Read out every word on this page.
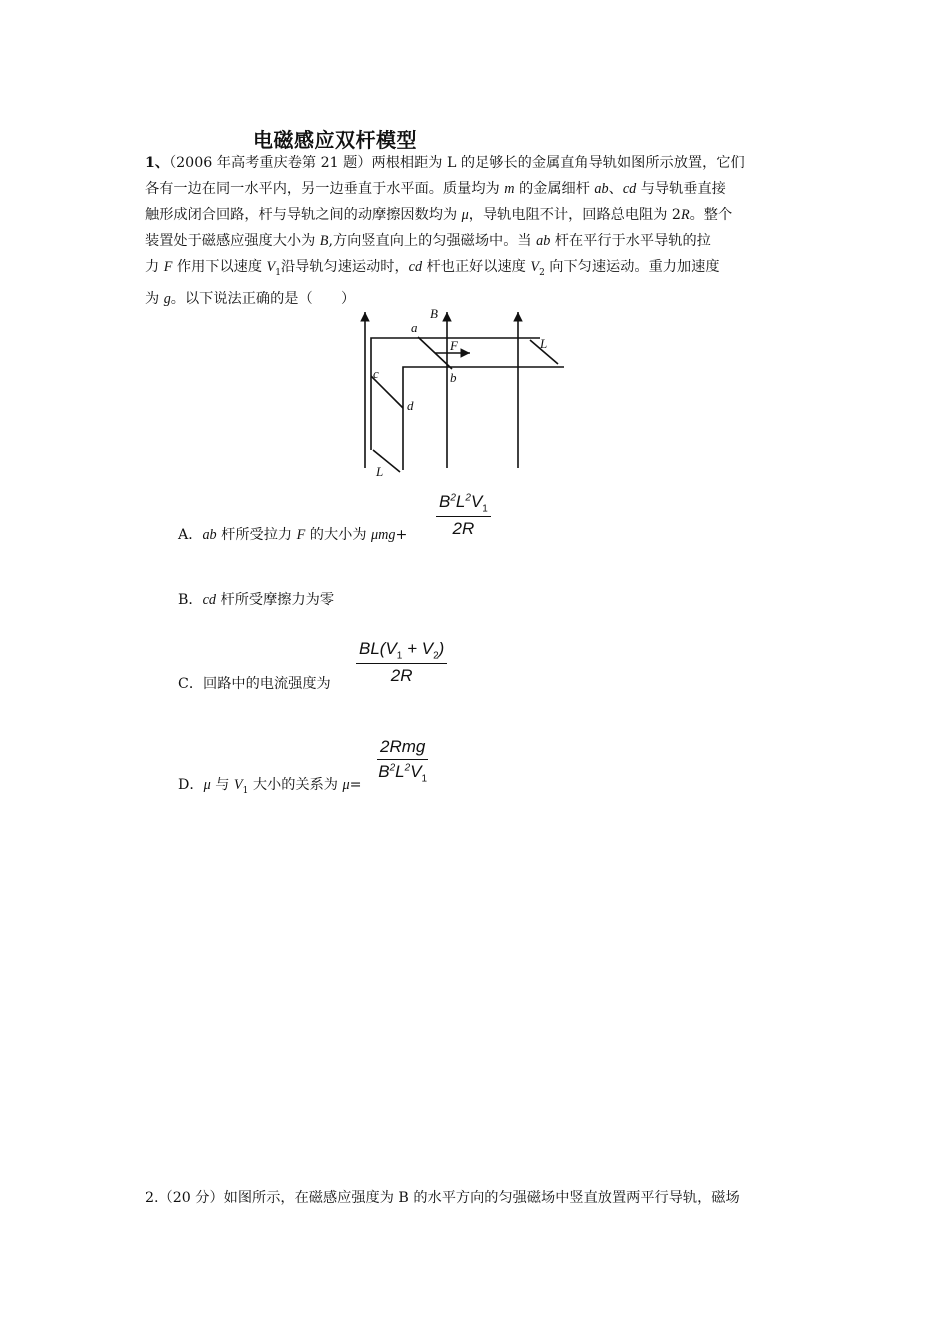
电磁感应双杆模型
1、（2006 年高考重庆卷第 21 题）两根相距为 L 的足够长的金属直角导轨如图所示放置，它们
各有一边在同一水平内，另一边垂直于水平面。质量均为 m 的金属细杆 ab、cd 与导轨垂直接
触形成闭合回路，杆与导轨之间的动摩擦因数均为 μ，导轨电阻不计，回路总电阻为 2R。整个
装置处于磁感应强度大小为 B,方向竖直向上的匀强磁场中。当 ab 杆在平行于水平导轨的拉
力 F 作用下以速度 $V_1$沿导轨匀速运动时，cd 杆也正好以速度 $V_2$ 向下匀速运动。重力加速度
为 g。以下说法正确的是（　　）
B
a
F
b
c
d
L
L
A．ab 杆所受拉力 F 的大小为 $\mu mg+ \frac{B^2L^2V_1}{2R}$
B．cd 杆所受摩擦力为零
C．回路中的电流强度为 $\frac{BL(V_1 + V_2)}{2R}$
D．μ 与 $V_1$ 大小的关系为 μ=
2Rmg
$B^2L^2V_1$
2.（20 分）如图所示，在磁感应强度为 B 的水平方向的匀强磁场中竖直放置两平行导轨，磁场
